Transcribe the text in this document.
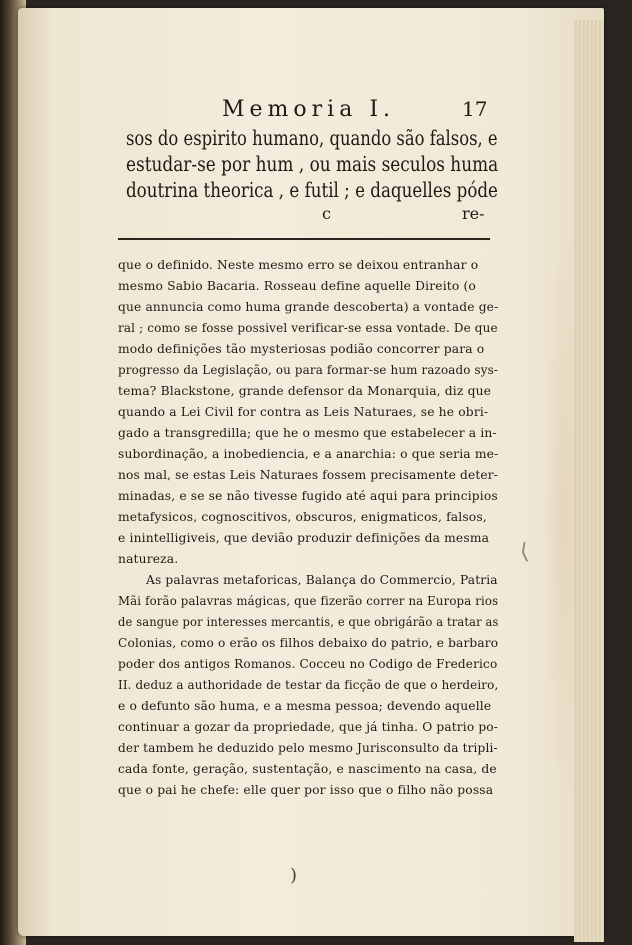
Memoria I.	17
sos do espirito humano, quando são falsos, e
estudar-se por hum , ou mais seculos huma
doutrina theorica , e futil ; e daquelles póde
c	re-
que o definido. Neste mesmo erro se deixou entranhar o
mesmo Sabio Bacaria. Rosseau define aquelle Direito (o
que annuncia como huma grande descoberta) a vontade ge-
ral ; como se fosse possivel verificar-se essa vontade. De que
modo definições tão mysteriosas podião concorrer para o
progresso da Legislação, ou para formar-se hum razoado sys-
tema? Blackstone, grande defensor da Monarquia, diz que
quando a Lei Civil for contra as Leis Naturaes, se he obri-
gado a transgredilla; que he o mesmo que estabelecer a in-
subordinação, a inobediencia, e a anarchia: o que seria me-
nos mal, se estas Leis Naturaes fossem precisamente deter-
minadas, e se se não tivesse fugido até aqui para principios
metafysicos, cognoscitivos, obscuros, enigmaticos, falsos,
e inintelligiveis, que devião produzir definições da mesma
natureza.
As palavras metaforicas, Balança do Commercio, Patria
Mãi forão palavras mágicas, que fizerão correr na Europa rios
de sangue por interesses mercantis, e que obrigárão a tratar as
Colonias, como o erão os filhos debaixo do patrio, e barbaro
poder dos antigos Romanos. Cocceu no Codigo de Frederico
II. deduz a authoridade de testar da ficção de que o herdeiro,
e o defunto são huma, e a mesma pessoa; devendo aquelle
continuar a gozar da propriedade, que já tinha. O patrio po-
der tambem he deduzido pelo mesmo Jurisconsulto da tripli-
cada fonte, geração, sustentação, e nascimento na casa, de
que o pai he chefe: elle quer por isso que o filho não possa
⟨
)
